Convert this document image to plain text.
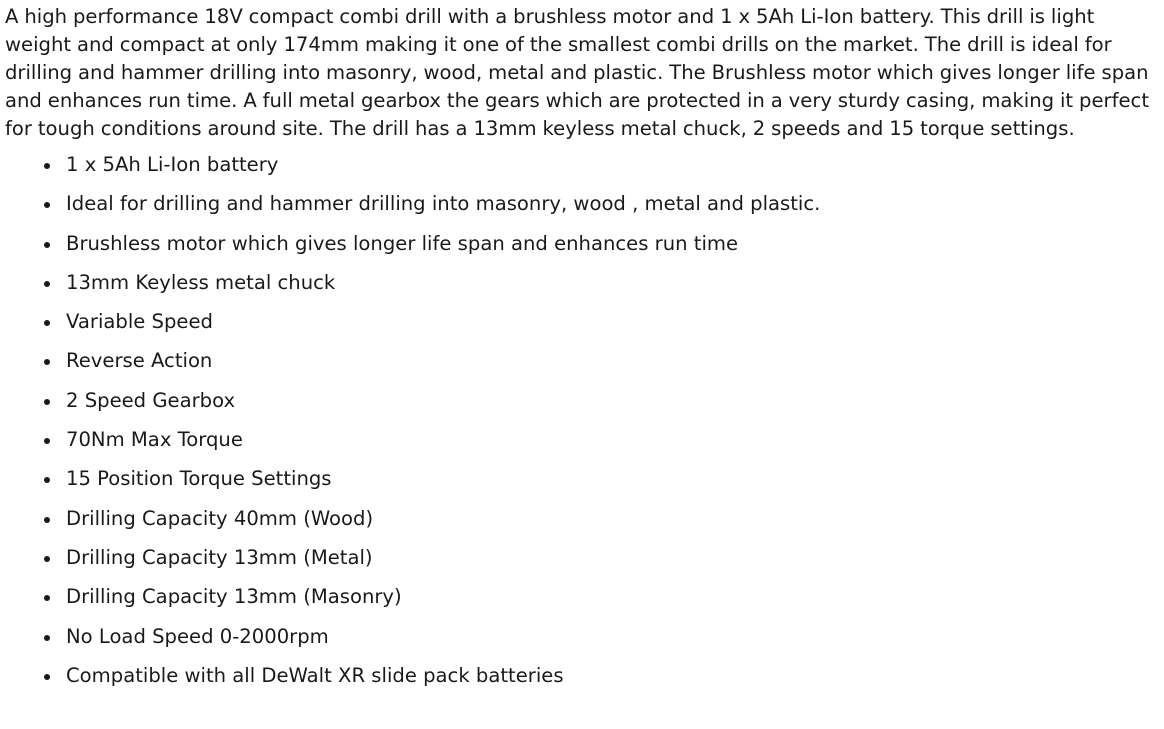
A high performance 18V compact combi drill with a brushless motor and 1 x 5Ah Li-Ion battery. This drill is light weight and compact at only 174mm making it one of the smallest combi drills on the market. The drill is ideal for drilling and hammer drilling into masonry, wood, metal and plastic. The Brushless motor which gives longer life span and enhances run time. A full metal gearbox the gears which are protected in a very sturdy casing, making it perfect for tough conditions around site. The drill has a 13mm keyless metal chuck, 2 speeds and 15 torque settings.

1 x 5Ah Li-Ion battery
Ideal for drilling and hammer drilling into masonry, wood , metal and plastic.
Brushless motor which gives longer life span and enhances run time
13mm Keyless metal chuck
Variable Speed
Reverse Action
2 Speed Gearbox
70Nm Max Torque
15 Position Torque Settings
Drilling Capacity 40mm (Wood)
Drilling Capacity 13mm (Metal)
Drilling Capacity 13mm (Masonry)
No Load Speed 0-2000rpm
Compatible with all DeWalt XR slide pack batteries
